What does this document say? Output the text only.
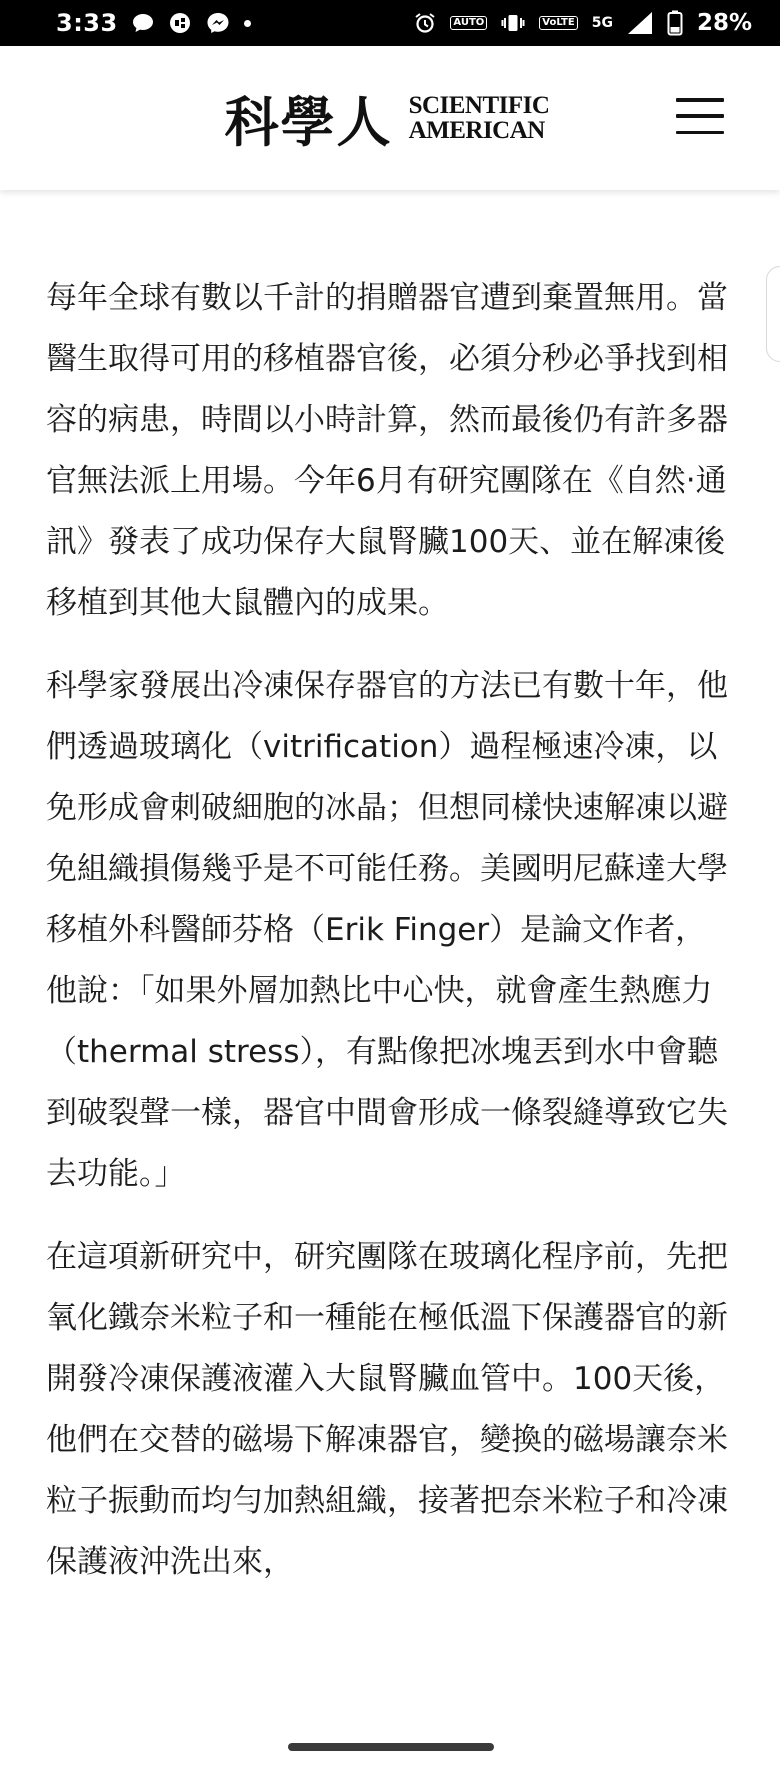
3:33	AUTO	VoLTE 5G	28%
科學人 SCIENTIFIC
AMERICAN

每年全球有數以千計的捐贈器官遭到棄置無用。當醫生取得可用的移植器官後，必須分秒必爭找到相容的病患，時間以小時計算，然而最後仍有許多器官無法派上用場。今年6月有研究團隊在《自然‧通訊》發表了成功保存大鼠腎臟100天、並在解凍後移植到其他大鼠體內的成果。

科學家發展出冷凍保存器官的方法已有數十年，他們透過玻璃化（vitrification）過程極速冷凍，以免形成會刺破細胞的冰晶；但想同樣快速解凍以避免組織損傷幾乎是不可能任務。美國明尼蘇達大學移植外科醫師芬格（Erik Finger）是論文作者，他說：「如果外層加熱比中心快，就會產生熱應力（thermal stress），有點像把冰塊丟到水中會聽到破裂聲一樣，器官中間會形成一條裂縫導致它失去功能。」

在這項新研究中，研究團隊在玻璃化程序前，先把氧化鐵奈米粒子和一種能在極低溫下保護器官的新開發冷凍保護液灌入大鼠腎臟血管中。100天後，他們在交替的磁場下解凍器官，變換的磁場讓奈米粒子振動而均勻加熱組織，接著把奈米粒子和冷凍保護液沖洗出來，
